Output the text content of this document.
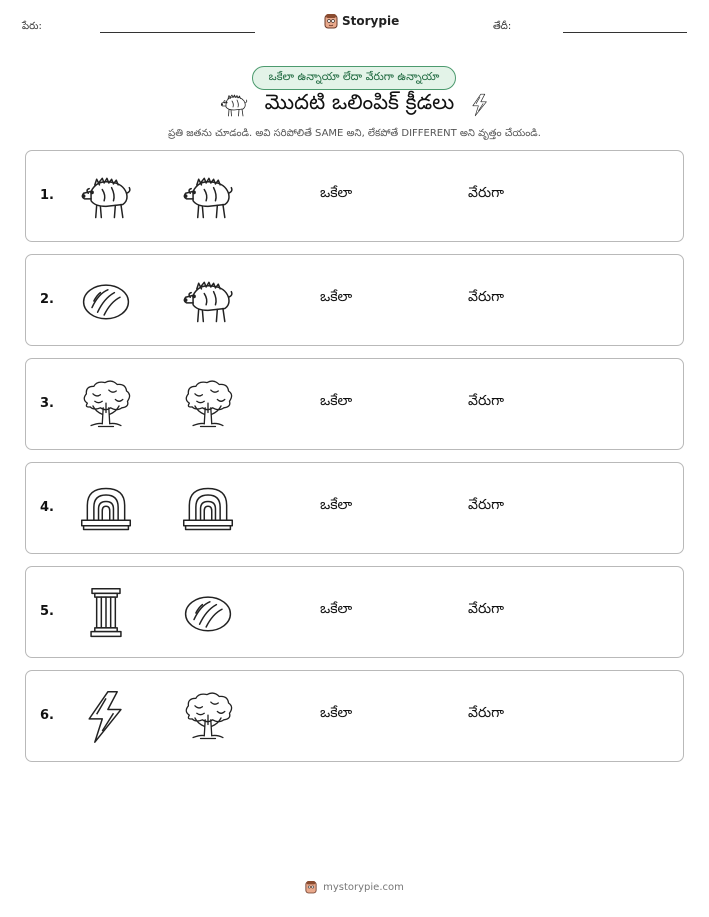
పేరు:	Storypie	తేదీ:
ఒకేలా ఉన్నాయా లేదా వేరుగా ఉన్నాయా
మొదటి ఒలింపిక్ క్రీడలు
ప్రతి జతను చూడండి. అవి సరిపోలితే SAME అని, లేకపోతే DIFFERENT అని వృత్తం చేయండి.
1.	ఒకేలా	వేరుగా
2.	ఒకేలా	వేరుగా
3.	ఒకేలా	వేరుగా
4.	ఒకేలా	వేరుగా
5.	ఒకేలా	వేరుగా
6.	ఒకేలా	వేరుగా
mystorypie.com
